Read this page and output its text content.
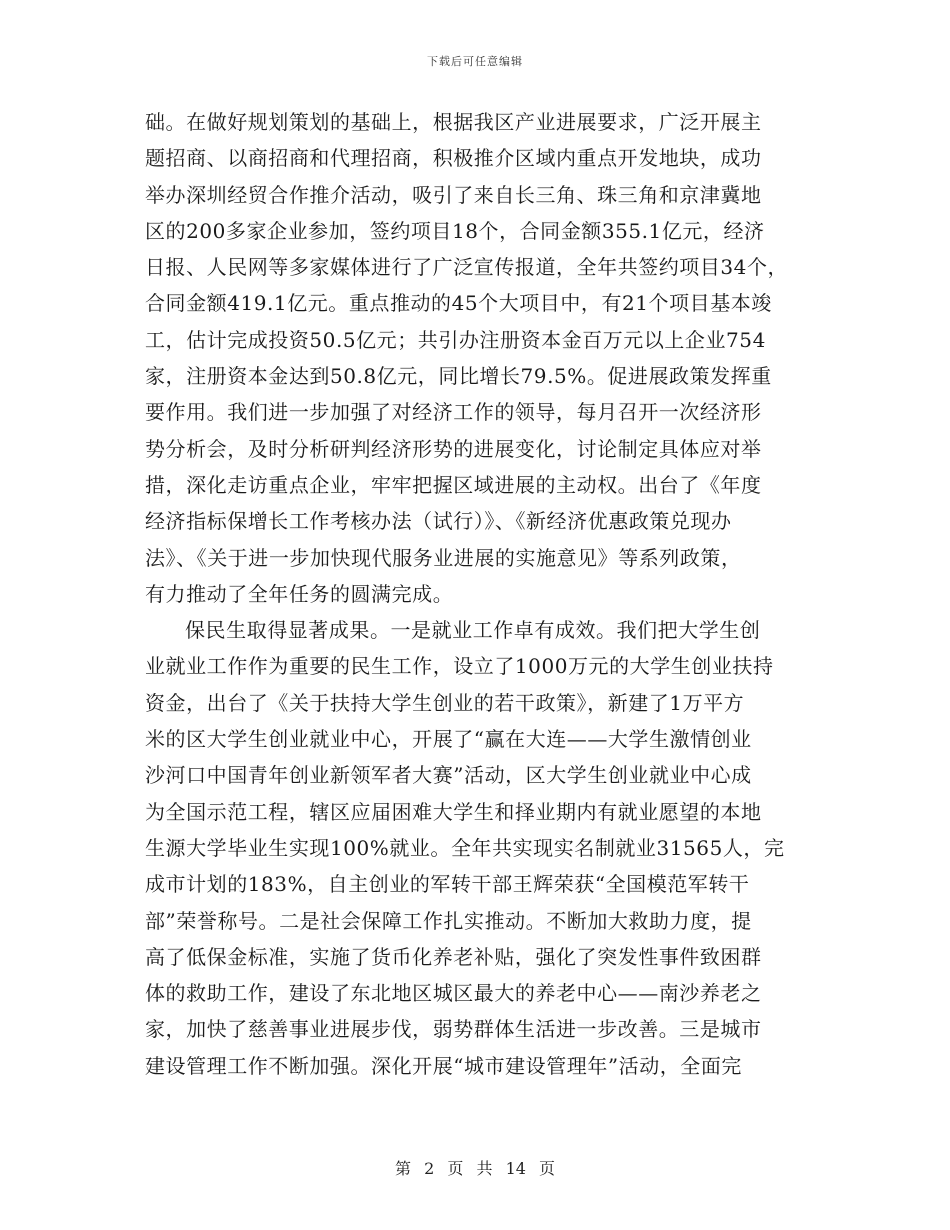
下载后可任意编辑
础。在做好规划策划的基础上，根据我区产业进展要求，广泛开展主
题招商、以商招商和代理招商，积极推介区域内重点开发地块，成功
举办深圳经贸合作推介活动，吸引了来自长三角、珠三角和京津冀地
区的200多家企业参加，签约项目18个，合同金额355.1亿元，经济
日报、人民网等多家媒体进行了广泛宣传报道，全年共签约项目34个，
合同金额419.1亿元。重点推动的45个大项目中，有21个项目基本竣
工，估计完成投资50.5亿元；共引办注册资本金百万元以上企业754
家，注册资本金达到50.8亿元，同比增长79.5%。促进展政策发挥重
要作用。我们进一步加强了对经济工作的领导，每月召开一次经济形
势分析会，及时分析研判经济形势的进展变化，讨论制定具体应对举
措，深化走访重点企业，牢牢把握区域进展的主动权。出台了《年度
经济指标保增长工作考核办法（试行）》、《新经济优惠政策兑现办
法》、《关于进一步加快现代服务业进展的实施意见》等系列政策，
有力推动了全年任务的圆满完成。
保民生取得显著成果。一是就业工作卓有成效。我们把大学生创
业就业工作作为重要的民生工作，设立了1000万元的大学生创业扶持
资金，出台了《关于扶持大学生创业的若干政策》，新建了1万平方
米的区大学生创业就业中心，开展了“赢在大连——大学生激情创业
沙河口中国青年创业新领军者大赛”活动，区大学生创业就业中心成
为全国示范工程，辖区应届困难大学生和择业期内有就业愿望的本地
生源大学毕业生实现100%就业。全年共实现实名制就业31565人，完
成市计划的183%，自主创业的军转干部王辉荣获“全国模范军转干
部”荣誉称号。二是社会保障工作扎实推动。不断加大救助力度，提
高了低保金标准，实施了货币化养老补贴，强化了突发性事件致困群
体的救助工作，建设了东北地区城区最大的养老中心——南沙养老之
家，加快了慈善事业进展步伐，弱势群体生活进一步改善。三是城市
建设管理工作不断加强。深化开展“城市建设管理年”活动，全面完
第 2 页 共 14 页
